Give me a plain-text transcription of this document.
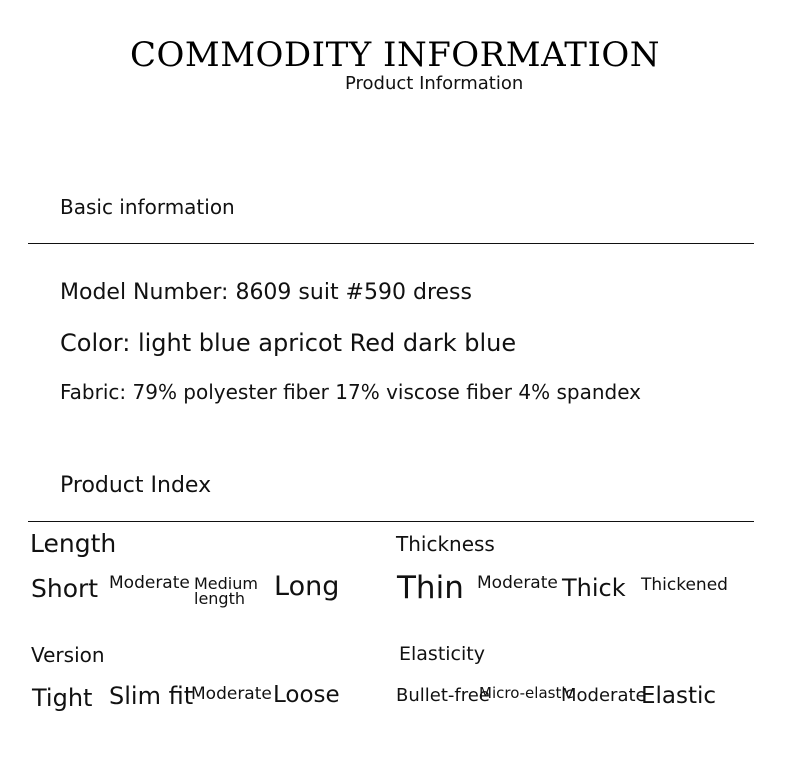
COMMODITY INFORMATION
Product Information
Basic information
Model Number: 8609 suit #590 dress
Color: light blue apricot Red dark blue
Fabric: 79% polyester fiber 17% viscose fiber 4% spandex
Product Index
Length
Short Moderate Medium length	Long
Thickness
Thin Moderate Thick Thickened
Version
Tight Slim fit
Moderate Loose
Elasticity
Bullet-free
Micro-elastic
Moderate
Elastic
